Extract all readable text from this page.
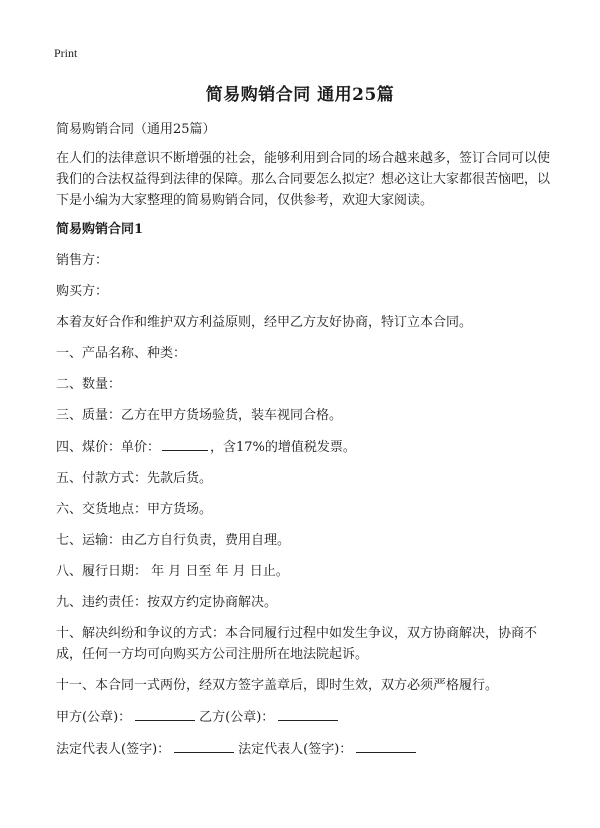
Print
简易购销合同 通用25篇

简易购销合同（通用25篇）

在人们的法律意识不断增强的社会，能够利用到合同的场合越来越多，签订合同可以使我们的合法权益得到法律的保障。那么合同要怎么拟定？想必这让大家都很苦恼吧，以下是小编为大家整理的简易购销合同，仅供参考，欢迎大家阅读。

简易购销合同1

销售方：

购买方：

本着友好合作和维护双方利益原则，经甲乙方友好协商，特订立本合同。

一、产品名称、种类：

二、数量：

三、质量：乙方在甲方货场验货，装车视同合格。

四、煤价：单价：	，含17%的增值税发票。

五、付款方式：先款后货。

六、交货地点：甲方货场。

七、运输：由乙方自行负责，费用自理。

八、履行日期： 年 月 日至 年 月 日止。

九、违约责任：按双方约定协商解决。

十、解决纠纷和争议的方式：本合同履行过程中如发生争议，双方协商解决，协商不成，任何一方均可向购买方公司注册所在地法院起诉。

十一、本合同一式两份，经双方签字盖章后，即时生效，双方必须严格履行。

甲方(公章)：	乙方(公章)：

法定代表人(签字)：	法定代表人(签字)：
